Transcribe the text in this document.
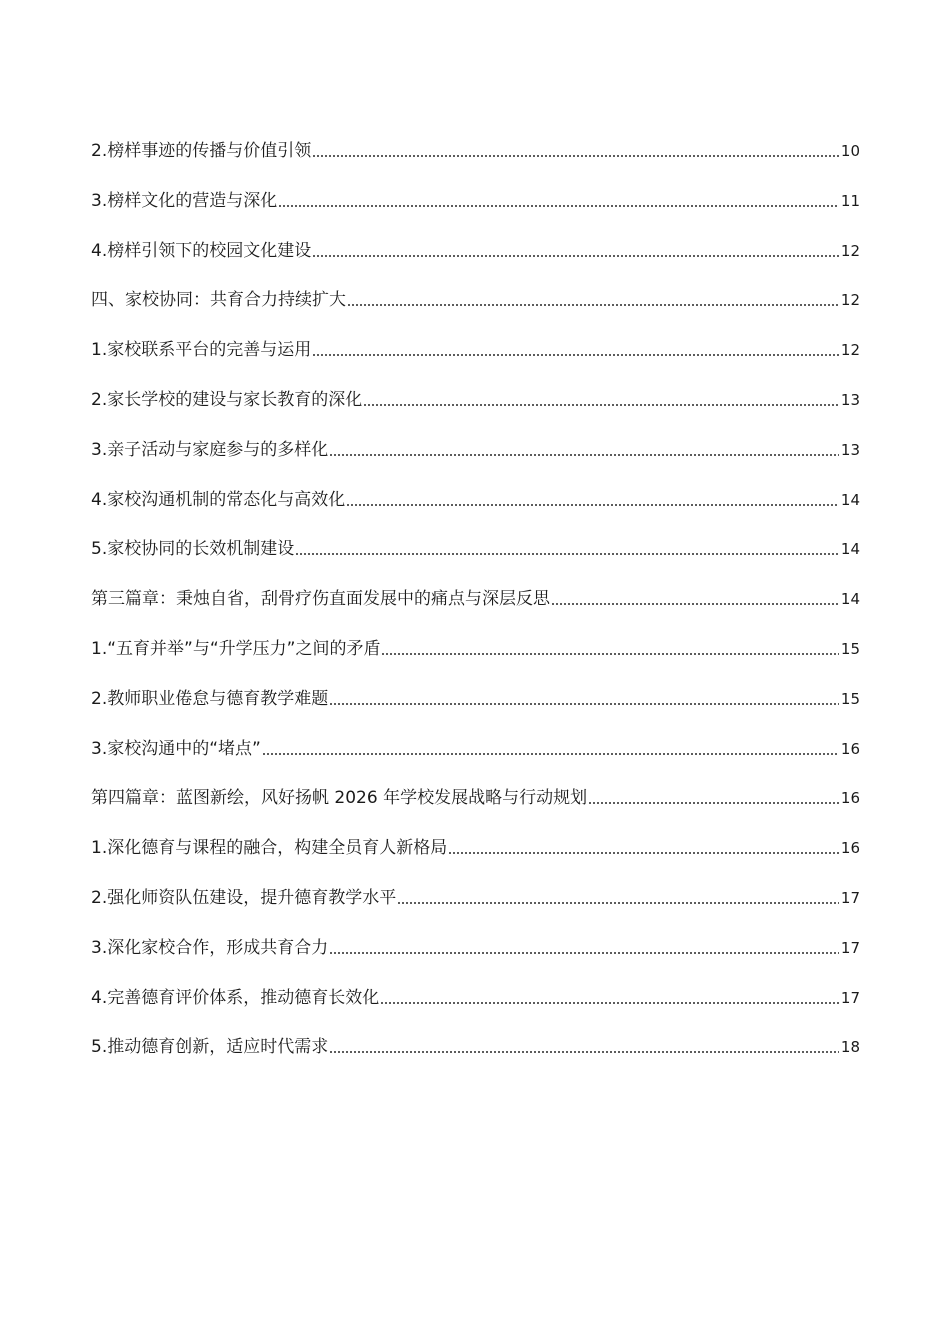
2.榜样事迹的传播与价值引领	10
3.榜样文化的营造与深化	11
4.榜样引领下的校园文化建设	12
四、家校协同：共育合力持续扩大	12
1.家校联系平台的完善与运用	12
2.家长学校的建设与家长教育的深化	13
3.亲子活动与家庭参与的多样化	13
4.家校沟通机制的常态化与高效化	14
5.家校协同的长效机制建设	14
第三篇章：秉烛自省，刮骨疗伤直面发展中的痛点与深层反思	14
1.“五育并举”与“升学压力”之间的矛盾	15
2.教师职业倦怠与德育教学难题	15
3.家校沟通中的“堵点”	16
第四篇章：蓝图新绘，风好扬帆 2026 年学校发展战略与行动规划	16
1.深化德育与课程的融合，构建全员育人新格局	16
2.强化师资队伍建设，提升德育教学水平	17
3.深化家校合作，形成共育合力	17
4.完善德育评价体系，推动德育长效化	17
5.推动德育创新，适应时代需求	18
